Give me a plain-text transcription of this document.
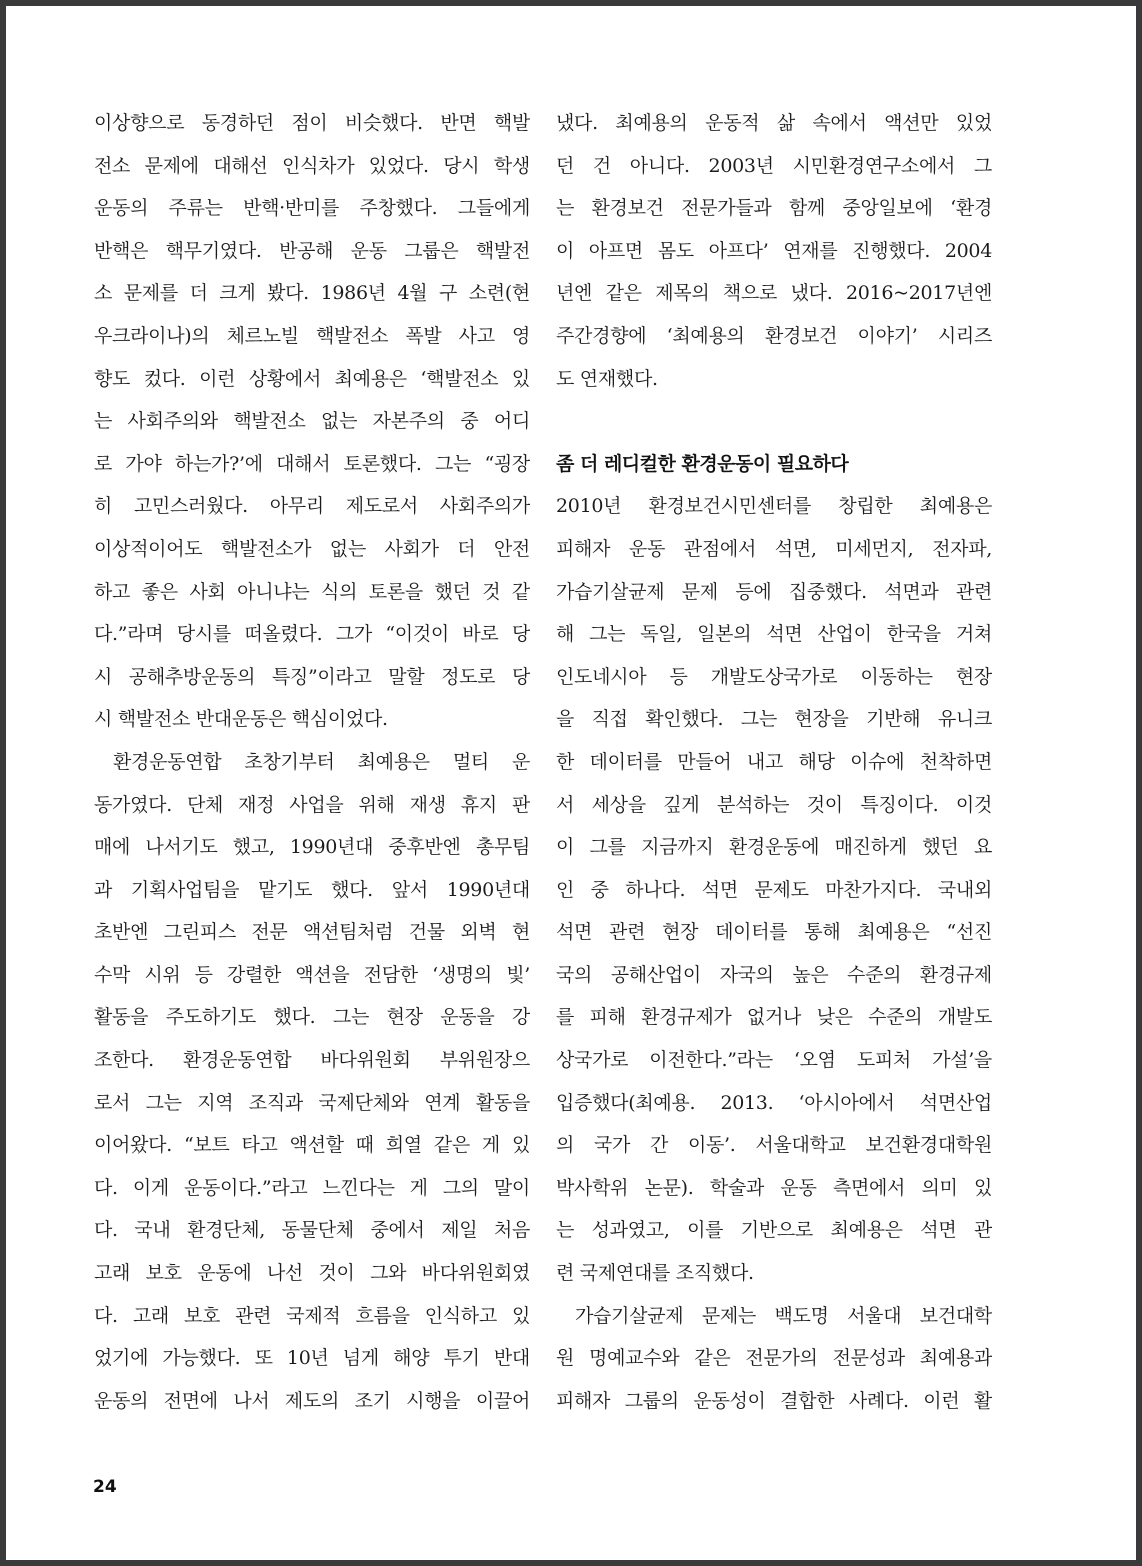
이상향으로 동경하던 점이 비슷했다. 반면 핵발
전소 문제에 대해선 인식차가 있었다. 당시 학생
운동의 주류는 반핵·반미를 주창했다. 그들에게
반핵은 핵무기였다. 반공해 운동 그룹은 핵발전
소 문제를 더 크게 봤다. 1986년 4월 구 소련(현
우크라이나)의 체르노빌 핵발전소 폭발 사고 영
향도 컸다. 이런 상황에서 최예용은 ‘핵발전소 있
는 사회주의와 핵발전소 없는 자본주의 중 어디
로 가야 하는가?’에 대해서 토론했다. 그는 “굉장
히 고민스러웠다. 아무리 제도로서 사회주의가
이상적이어도 핵발전소가 없는 사회가 더 안전
하고 좋은 사회 아니냐는 식의 토론을 했던 것 같
다.”라며 당시를 떠올렸다. 그가 “이것이 바로 당
시 공해추방운동의 특징”이라고 말할 정도로 당
시 핵발전소 반대운동은 핵심이었다.
환경운동연합 초창기부터 최예용은 멀티 운
동가였다. 단체 재정 사업을 위해 재생 휴지 판
매에 나서기도 했고, 1990년대 중후반엔 총무팀
과 기획사업팀을 맡기도 했다. 앞서 1990년대
초반엔 그린피스 전문 액션팀처럼 건물 외벽 현
수막 시위 등 강렬한 액션을 전담한 ‘생명의 빛’
활동을 주도하기도 했다. 그는 현장 운동을 강
조한다. 환경운동연합 바다위원회 부위원장으
로서 그는 지역 조직과 국제단체와 연계 활동을
이어왔다. “보트 타고 액션할 때 희열 같은 게 있
다. 이게 운동이다.”라고 느낀다는 게 그의 말이
다. 국내 환경단체, 동물단체 중에서 제일 처음
고래 보호 운동에 나선 것이 그와 바다위원회였
다. 고래 보호 관련 국제적 흐름을 인식하고 있
었기에 가능했다. 또 10년 넘게 해양 투기 반대
운동의 전면에 나서 제도의 조기 시행을 이끌어
냈다. 최예용의 운동적 삶 속에서 액션만 있었
던 건 아니다. 2003년 시민환경연구소에서 그
는 환경보건 전문가들과 함께 중앙일보에 ‘환경
이 아프면 몸도 아프다’ 연재를 진행했다. 2004
년엔 같은 제목의 책으로 냈다. 2016~2017년엔
주간경향에 ‘최예용의 환경보건 이야기’ 시리즈
도 연재했다.
좀 더 레디컬한 환경운동이 필요하다
2010년 환경보건시민센터를 창립한 최예용은
피해자 운동 관점에서 석면, 미세먼지, 전자파,
가습기살균제 문제 등에 집중했다. 석면과 관련
해 그는 독일, 일본의 석면 산업이 한국을 거쳐
인도네시아 등 개발도상국가로 이동하는 현장
을 직접 확인했다. 그는 현장을 기반해 유니크
한 데이터를 만들어 내고 해당 이슈에 천착하면
서 세상을 깊게 분석하는 것이 특징이다. 이것
이 그를 지금까지 환경운동에 매진하게 했던 요
인 중 하나다. 석면 문제도 마찬가지다. 국내외
석면 관련 현장 데이터를 통해 최예용은 “선진
국의 공해산업이 자국의 높은 수준의 환경규제
를 피해 환경규제가 없거나 낮은 수준의 개발도
상국가로 이전한다.”라는 ‘오염 도피처 가설’을
입증했다(최예용. 2013. ‘아시아에서 석면산업
의 국가 간 이동’. 서울대학교 보건환경대학원
박사학위 논문). 학술과 운동 측면에서 의미 있
는 성과였고, 이를 기반으로 최예용은 석면 관
련 국제연대를 조직했다.
가습기살균제 문제는 백도명 서울대 보건대학
원 명예교수와 같은 전문가의 전문성과 최예용과
피해자 그룹의 운동성이 결합한 사례다. 이런 활
24
